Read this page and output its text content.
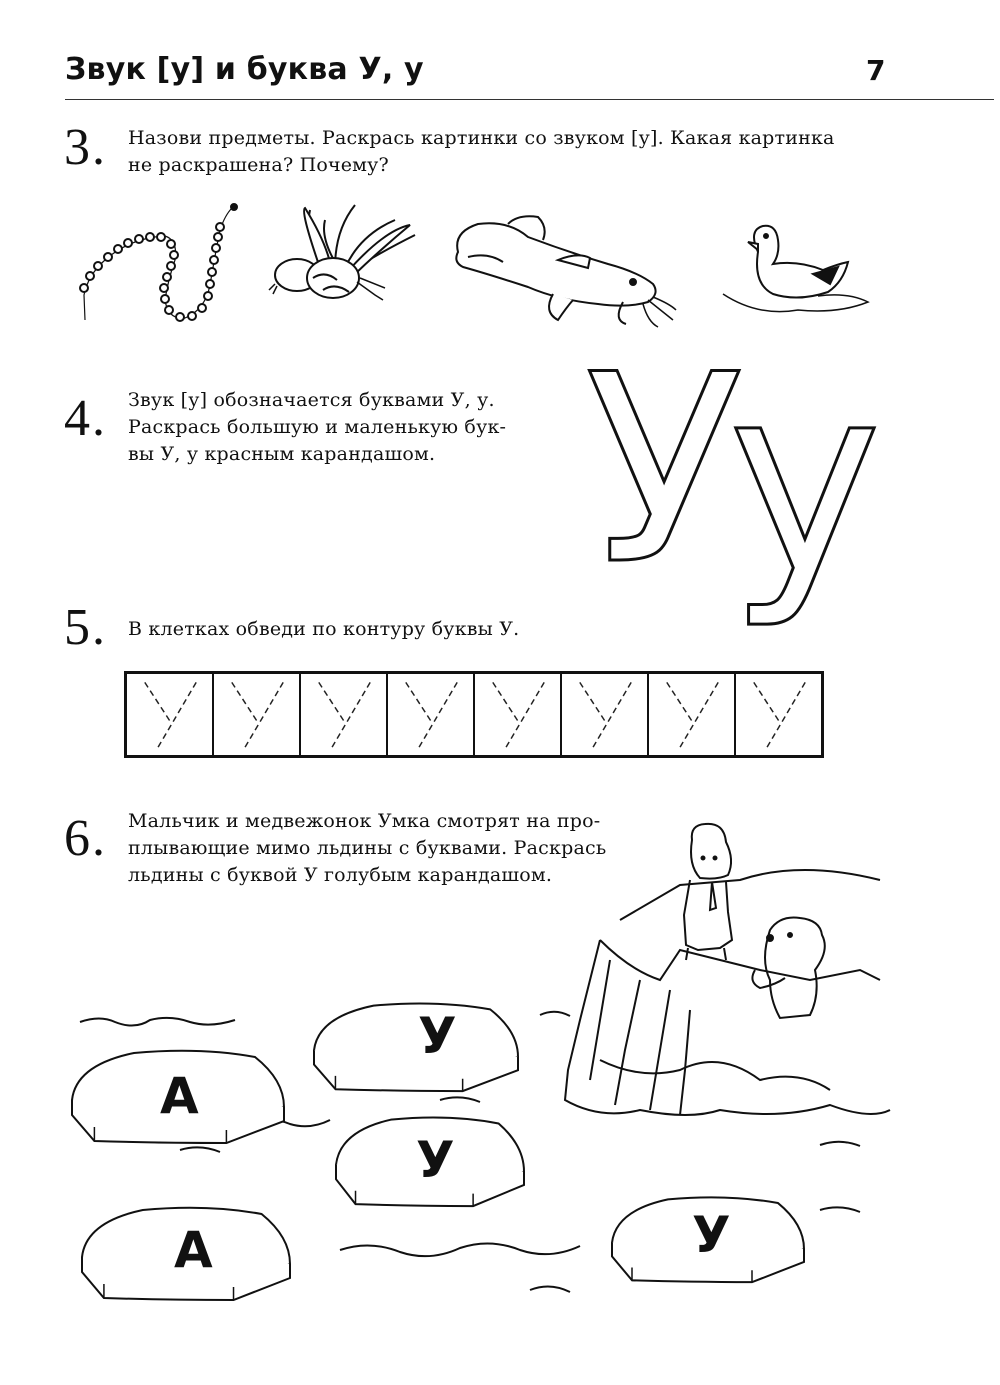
Звук [у] и буква У, у	7
3. Назови предметы. Раскрась картинки со звуком [у]. Какая картинка
не раскрашена? Почему?
4. Звук [у] обозначается буквами У, у.
Раскрась большую и маленькую бук-
вы У, у красным карандашом. У
у
5. В клетках обведи по контуру буквы У.
6. Мальчик и медвежонок Умка смотрят на про-
плывающие мимо льдины с буквами. Раскрась
льдины с буквой У голубым карандашом.
А
У
У
А	У
